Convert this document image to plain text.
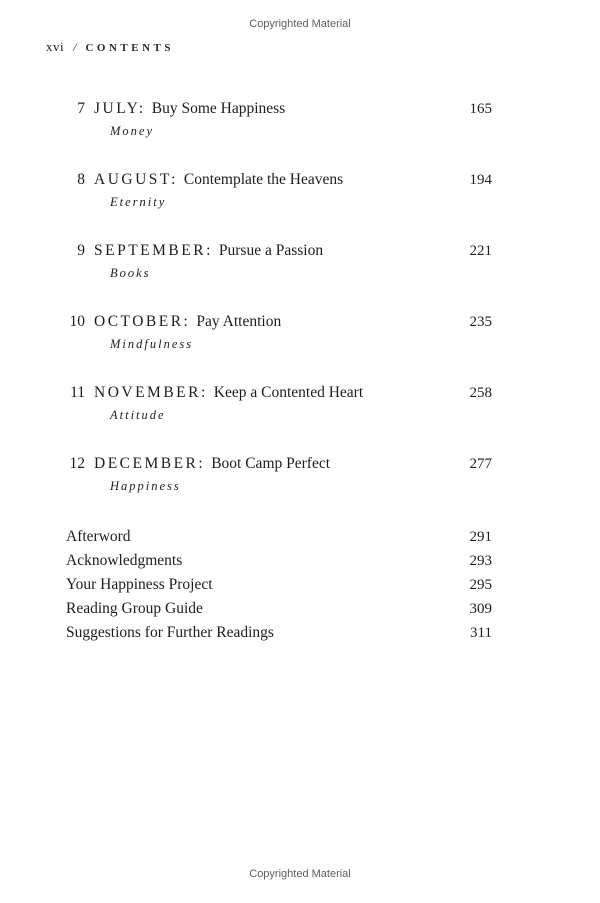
Copyrighted Material
xvi / CONTENTS
7 JULY: Buy Some Happiness	165
Money
8 AUGUST: Contemplate the Heavens	194
Eternity
9 SEPTEMBER: Pursue a Passion	221
Books
10 OCTOBER: Pay Attention	235
Mindfulness
11 NOVEMBER: Keep a Contented Heart	258
Attitude
12 DECEMBER: Boot Camp Perfect	277
Happiness
Afterword	291
Acknowledgments	293
Your Happiness Project	295
Reading Group Guide	309
Suggestions for Further Readings	311
Copyrighted Material
